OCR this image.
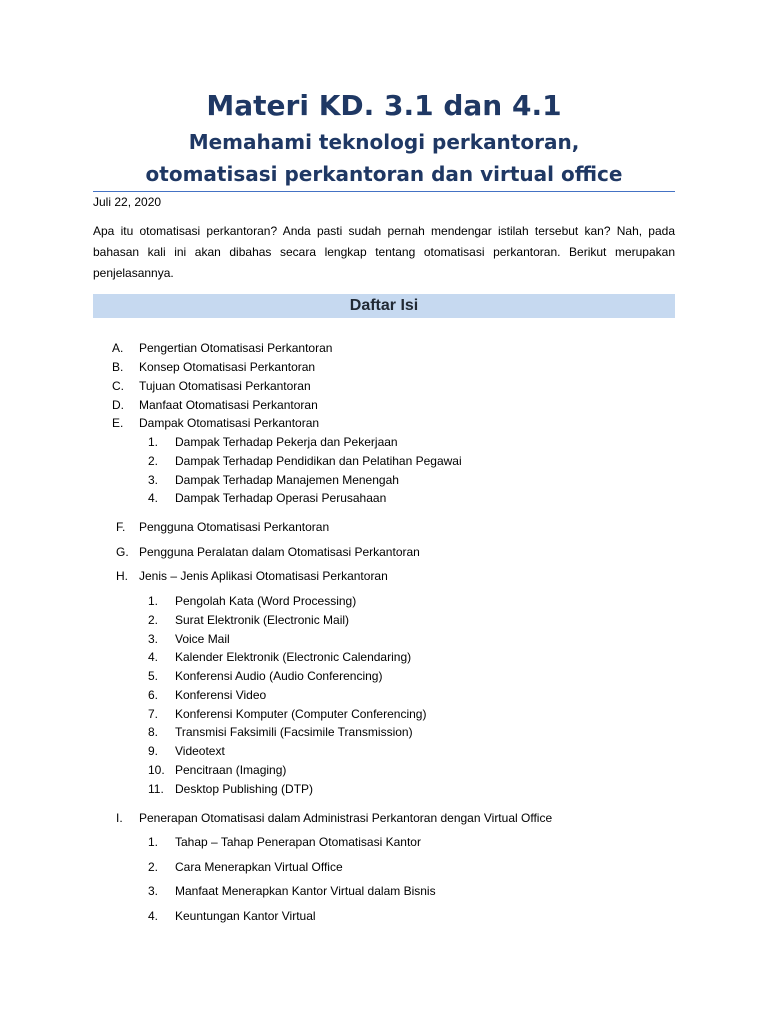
Materi KD. 3.1 dan 4.1
Memahami teknologi perkantoran,
otomatisasi perkantoran dan virtual office
Juli 22, 2020

Apa itu otomatisasi perkantoran? Anda pasti sudah pernah mendengar istilah tersebut kan? Nah, pada bahasan kali ini akan dibahas secara lengkap tentang otomatisasi perkantoran. Berikut merupakan penjelasannya.

Daftar Isi
A. Pengertian Otomatisasi Perkantoran
B. Konsep Otomatisasi Perkantoran
C. Tujuan Otomatisasi Perkantoran
D. Manfaat Otomatisasi Perkantoran
E. Dampak Otomatisasi Perkantoran
1. Dampak Terhadap Pekerja dan Pekerjaan
2. Dampak Terhadap Pendidikan dan Pelatihan Pegawai
3. Dampak Terhadap Manajemen Menengah
4. Dampak Terhadap Operasi Perusahaan
F. Pengguna Otomatisasi Perkantoran
G. Pengguna Peralatan dalam Otomatisasi Perkantoran
H. Jenis – Jenis Aplikasi Otomatisasi Perkantoran
1. Pengolah Kata (Word Processing)
2. Surat Elektronik (Electronic Mail)
3. Voice Mail
4. Kalender Elektronik (Electronic Calendaring)
5. Konferensi Audio (Audio Conferencing)
6. Konferensi Video
7. Konferensi Komputer (Computer Conferencing)
8. Transmisi Faksimili (Facsimile Transmission)
9. Videotext
10. Pencitraan (Imaging)
11. Desktop Publishing (DTP)
I. Penerapan Otomatisasi dalam Administrasi Perkantoran dengan Virtual Office
1. Tahap – Tahap Penerapan Otomatisasi Kantor
2. Cara Menerapkan Virtual Office
3. Manfaat Menerapkan Kantor Virtual dalam Bisnis
4. Keuntungan Kantor Virtual
